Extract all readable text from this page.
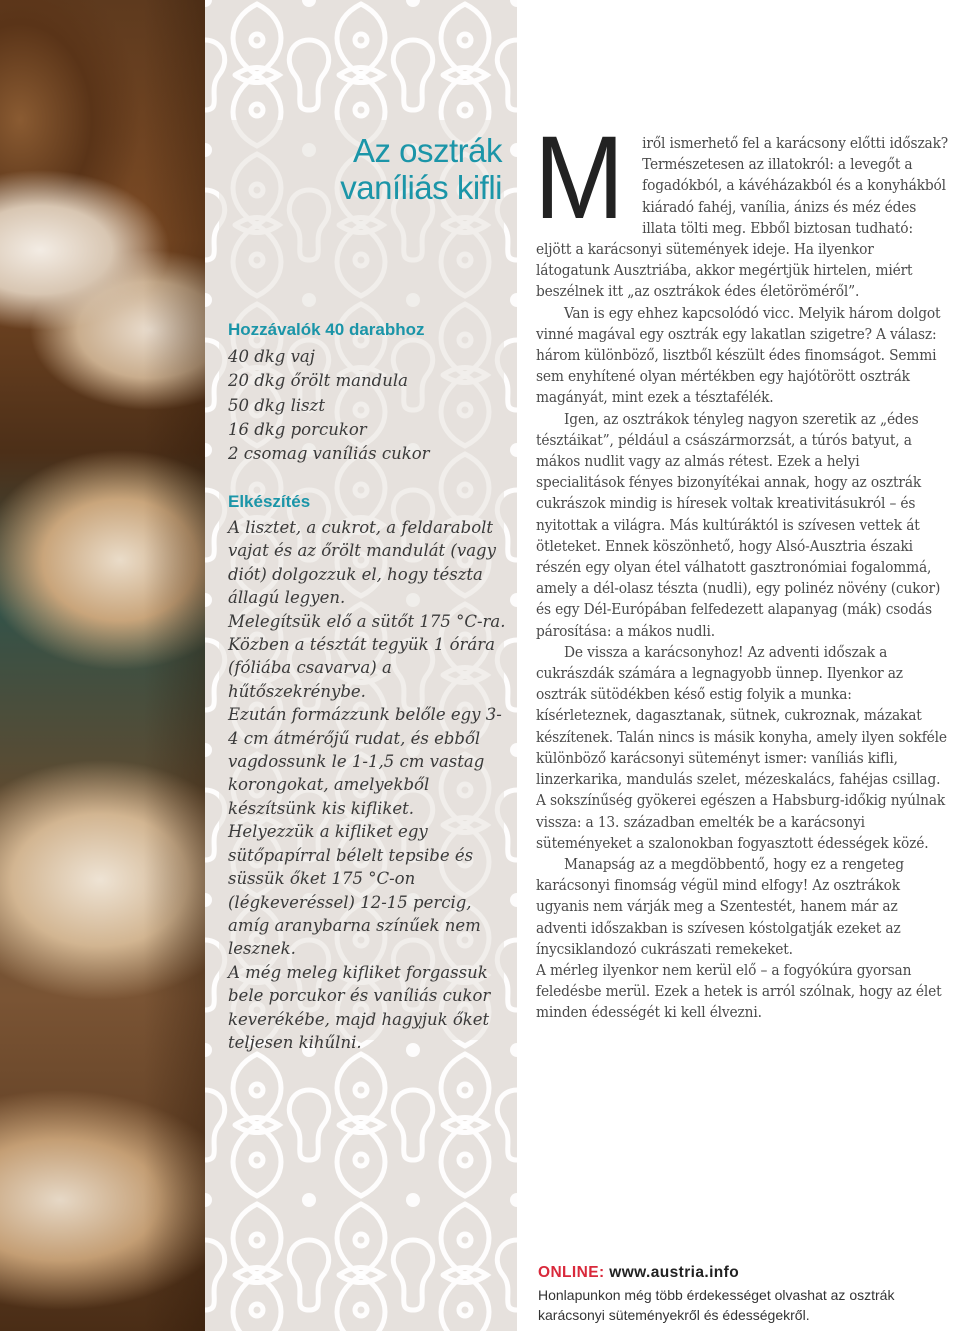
Az osztrák
vaníliás kifli
Hozzávalók 40 darabhoz
40 dkg vaj
20 dkg őrölt mandula
50 dkg liszt
16 dkg porcukor
2 csomag vaníliás cukor
Elkészítés

A lisztet, a cukrot, a feldarabolt vajat és az őrölt mandulát (vagy diót) dolgozzuk el, hogy tészta állagú legyen.

Melegítsük elő a sütőt 175 °C-ra.

Közben a tésztát tegyük 1 órára (fóliába csavarva) a hűtőszekrénybe.

Ezután formázzunk belőle egy 3-4 cm átmérőjű rudat, és ebből vagdossunk le 1-1,5 cm vastag korongokat, amelyekből készítsünk kis kifliket.

Helyezzük a kifliket egy sütőpapírral bélelt tepsibe és süssük őket 175 °C-on (légkeveréssel) 12-15 percig, amíg aranybarna színűek nem lesznek.

A még meleg kifliket forgassuk bele porcukor és vaníliás cukor keverékébe, majd hagyjuk őket teljesen kihűlni.

M	iről ismerhető fel a karácsony előtti időszak? Természetesen az illatokról: a levegőt a fogadókból, a kávéházakból és a konyhákból kiáradó fahéj, vanília, ánizs és méz édes illata tölti meg. Ebből biztosan tudható: eljött a karácsonyi sütemények ideje. Ha ilyenkor látogatunk Ausztriába, akkor megértjük hirtelen, miért beszélnek itt „az osztrákok édes életöröméről”.

Van is egy ehhez kapcsolódó vicc. Melyik három dolgot vinné magával egy osztrák egy lakatlan szigetre? A válasz: három különböző, lisztből készült édes finomságot. Semmi sem enyhítené olyan mértékben egy hajótörött osztrák magányát, mint ezek a tésztafélék.

Igen, az osztrákok tényleg nagyon szeretik az „édes tésztáikat”, például a császármorzsát, a túrós batyut, a mákos nudlit vagy az almás rétest. Ezek a helyi specialitások fényes bizonyítékai annak, hogy az osztrák cukrászok mindig is híresek voltak kreativitásukról – és nyitottak a világra. Más kultúráktól is szívesen vettek át ötleteket. Ennek köszönhető, hogy Alsó-Ausztria északi részén egy olyan étel válhatott gasztronómiai fogalommá, amely a dél-olasz tészta (nudli), egy polinéz növény (cukor) és egy Dél-Európában felfedezett alapanyag (mák) csodás párosítása: a mákos nudli.

De vissza a karácsonyhoz! Az adventi időszak a cukrászdák számára a legnagyobb ünnep. Ilyenkor az osztrák sütödékben késő estig folyik a munka: kísérleteznek, dagasztanak, sütnek, cukroznak, mázakat készítenek. Talán nincs is másik konyha, amely ilyen sokféle különböző karácsonyi süteményt ismer: vaníliás kifli, linzerkarika, mandulás szelet, mézeskalács, fahéjas csillag. A sokszínűség gyökerei egészen a Habsburg-időkig nyúlnak vissza: a 13. században emelték be a karácsonyi süteményeket a szalonokban fogyasztott édességek közé.

Manapság az a megdöbbentő, hogy ez a rengeteg karácsonyi finomság végül mind elfogy! Az osztrákok ugyanis nem várják meg a Szentestét, hanem már az adventi időszakban is szívesen kóstolgatják ezeket az ínycsiklandozó cukrászati remekeket.

A mérleg ilyenkor nem kerül elő – a fogyókúra gyorsan feledésbe merül. Ezek a hetek is arról szólnak, hogy az élet minden édességét ki kell élvezni.

ONLINE: www.austria.info
Honlapunkon még több érdekességet olvashat az osztrák karácsonyi süteményekről és édességekről.
